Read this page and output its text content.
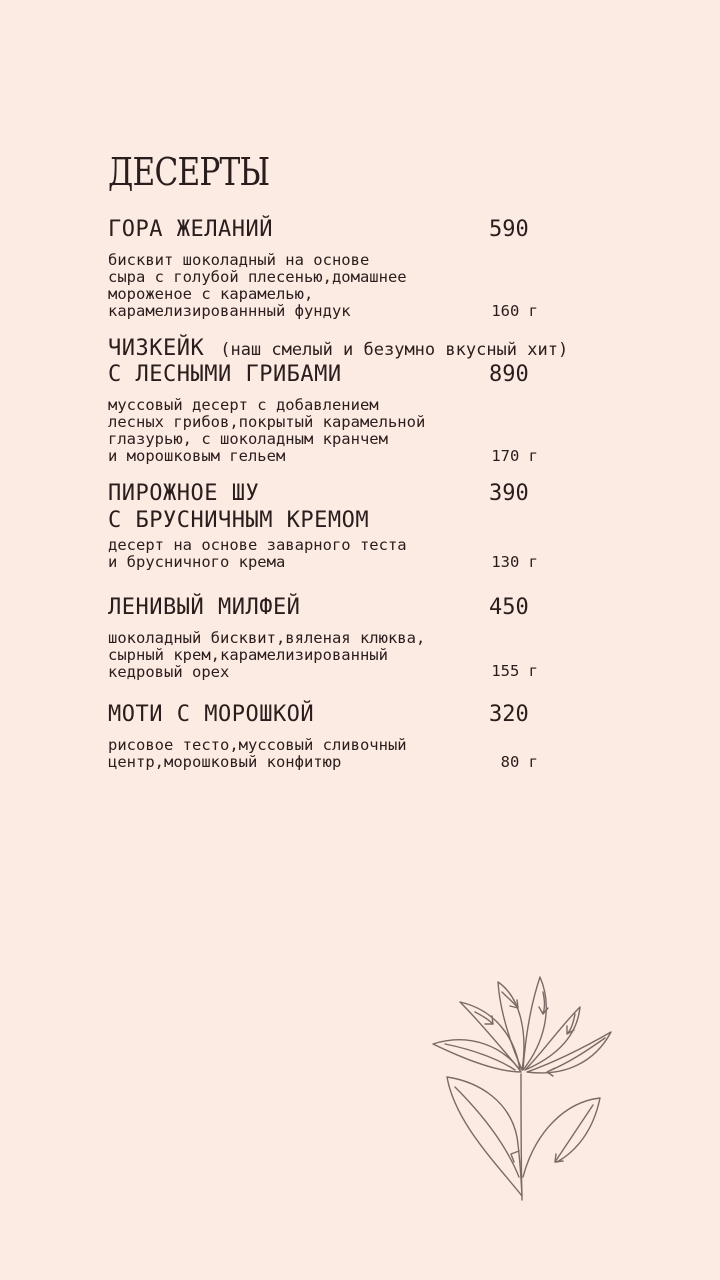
ДЕСЕРТЫ
ГОРА ЖЕЛАНИЙ	590
бисквит шоколадный на основе
сыра с голубой плесенью,домашнее
мороженое с карамелью,
карамелизированнный фундук	160 г
ЧИЗКЕЙК (наш смелый и безумно вкусный хит)
С ЛЕСНЫМИ ГРИБАМИ	890
муссовый десерт с добавлением
лесных грибов,покрытый карамельной
глазурью, с шоколадным кранчем
и морошковым гельем	170 г
ПИРОЖНОЕ ШУ	390
С БРУСНИЧНЫМ КРЕМОМ
десерт на основе заварного теста
и брусничного крема	130 г
ЛЕНИВЫЙ МИЛФЕЙ	450
шоколадный бисквит,вяленая клюква,
сырный крем,карамелизированный
кедровый орех	155 г
МОТИ С МОРОШКОЙ	320
рисовое тесто,муссовый сливочный
центр,морошковый конфитюр	80 г
